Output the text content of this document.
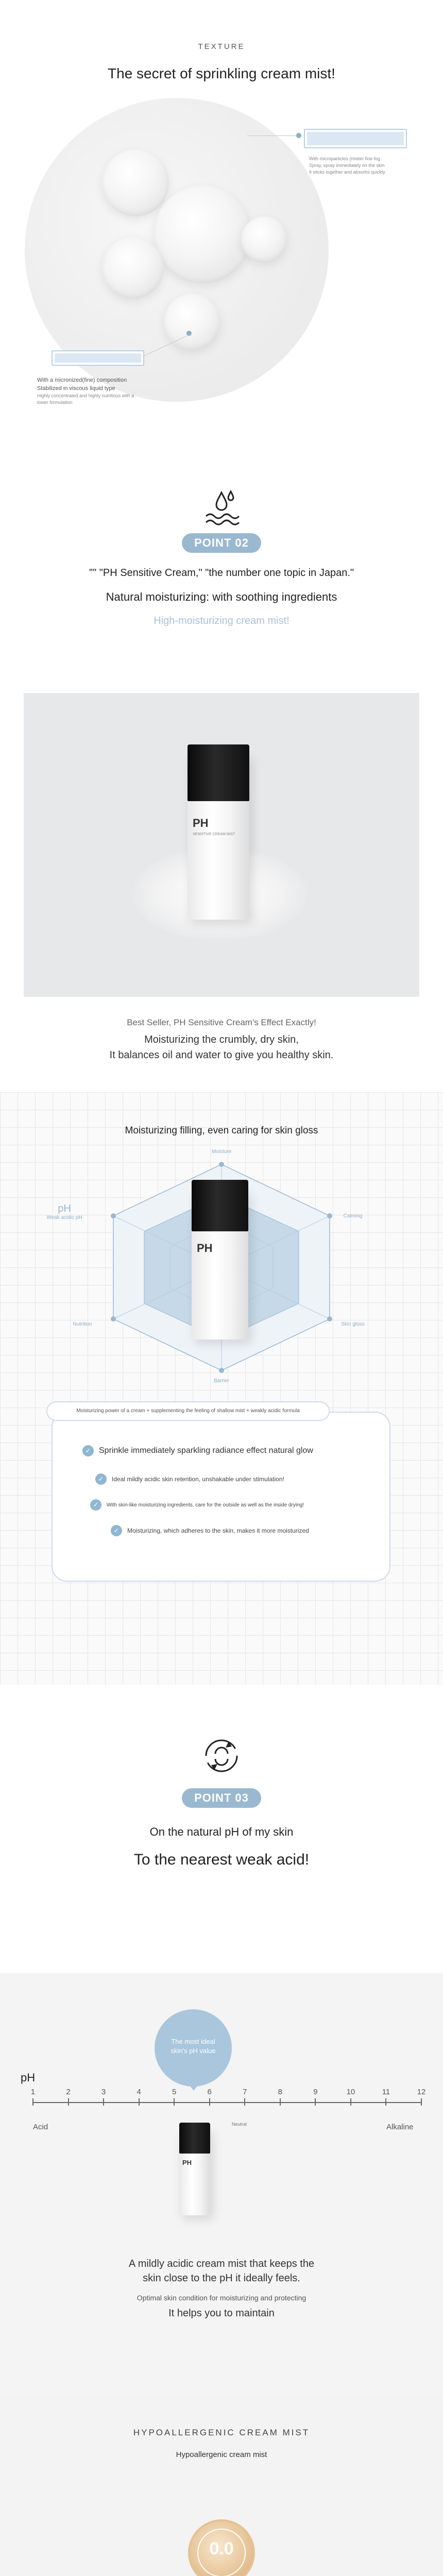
TEXTURE
The secret of sprinkling cream mist!
With microparticles (mister fine fog
Spray, spray immediately on the skin
It sticks together and absorbs quickly
With a micronized(fine) composition
Stabilized in viscous liquid type
Highly concentrated and highly nutritious with a
lower formulation
POINT 02
"" "PH Sensitive Cream," "the number one topic in Japan."
Natural moisturizing: with soothing ingredients
High-moisturizing cream mist!
PH
SENSITIVE CREAM MIST
Best Seller, PH Sensitive Cream's Effect Exactly!
Moisturizing the crumbly, dry skin,
It balances oil and water to give you healthy skin.
Moisturizing filling, even caring for skin gloss
PH
pH
Weak acidic pH
Moisture
Calming
Skin gloss
Barrier
Nutrition
Moisturizing power of a cream + supplementing the feeling of shallow mist + weakly acidic formula
✓ Sprinkle immediately sparkling radiance effect natural glow
✓	Ideal mildly acidic skin retention, unshakable under stimulation!
✓	With skin-like moisturizing ingredients, care for the outside as well as the inside drying!
✓	Moisturizing, which adheres to the skin, makes it more moisturized
POINT 03
On the natural pH of my skin
To the nearest weak acid!
The most ideal
skin's pH value
pH
1	2	3	4	5	6	7	8	9	10	11	12
Acid	Alkaline
Neutral
PH
A mildly acidic cream mist that keeps the
skin close to the pH it ideally feels.
Optimal skin condition for moisturizing and protecting
It helps you to maintain
HYPOALLERGENIC CREAM MIST
Hypoallergenic cream mist
0.0
